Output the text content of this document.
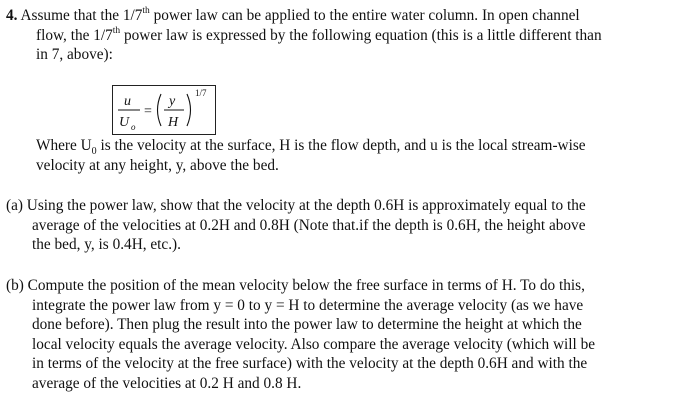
4. Assume that the 1/7th power law can be applied to the entire water column. In open channel
flow, the 1/7th power law is expressed by the following equation (this is a little different than
in 7, above):
u
U o
=
y
H
1/7
Where $U_0$ is the velocity at the surface, H is the flow depth, and u is the local stream-wise
velocity at any height, y, above the bed.
(a) Using the power law, show that the velocity at the depth 0.6H is approximately equal to the
average of the velocities at 0.2H and 0.8H (Note that.if the depth is 0.6H, the height above
the bed, y, is 0.4H, etc.).
(b) Compute the position of the mean velocity below the free surface in terms of H. To do this,
integrate the power law from y = 0 to y = H to determine the average velocity (as we have
done before). Then plug the result into the power law to determine the height at which the
local velocity equals the average velocity. Also compare the average velocity (which will be
in terms of the velocity at the free surface) with the velocity at the depth 0.6H and with the
average of the velocities at 0.2 H and 0.8 H.
